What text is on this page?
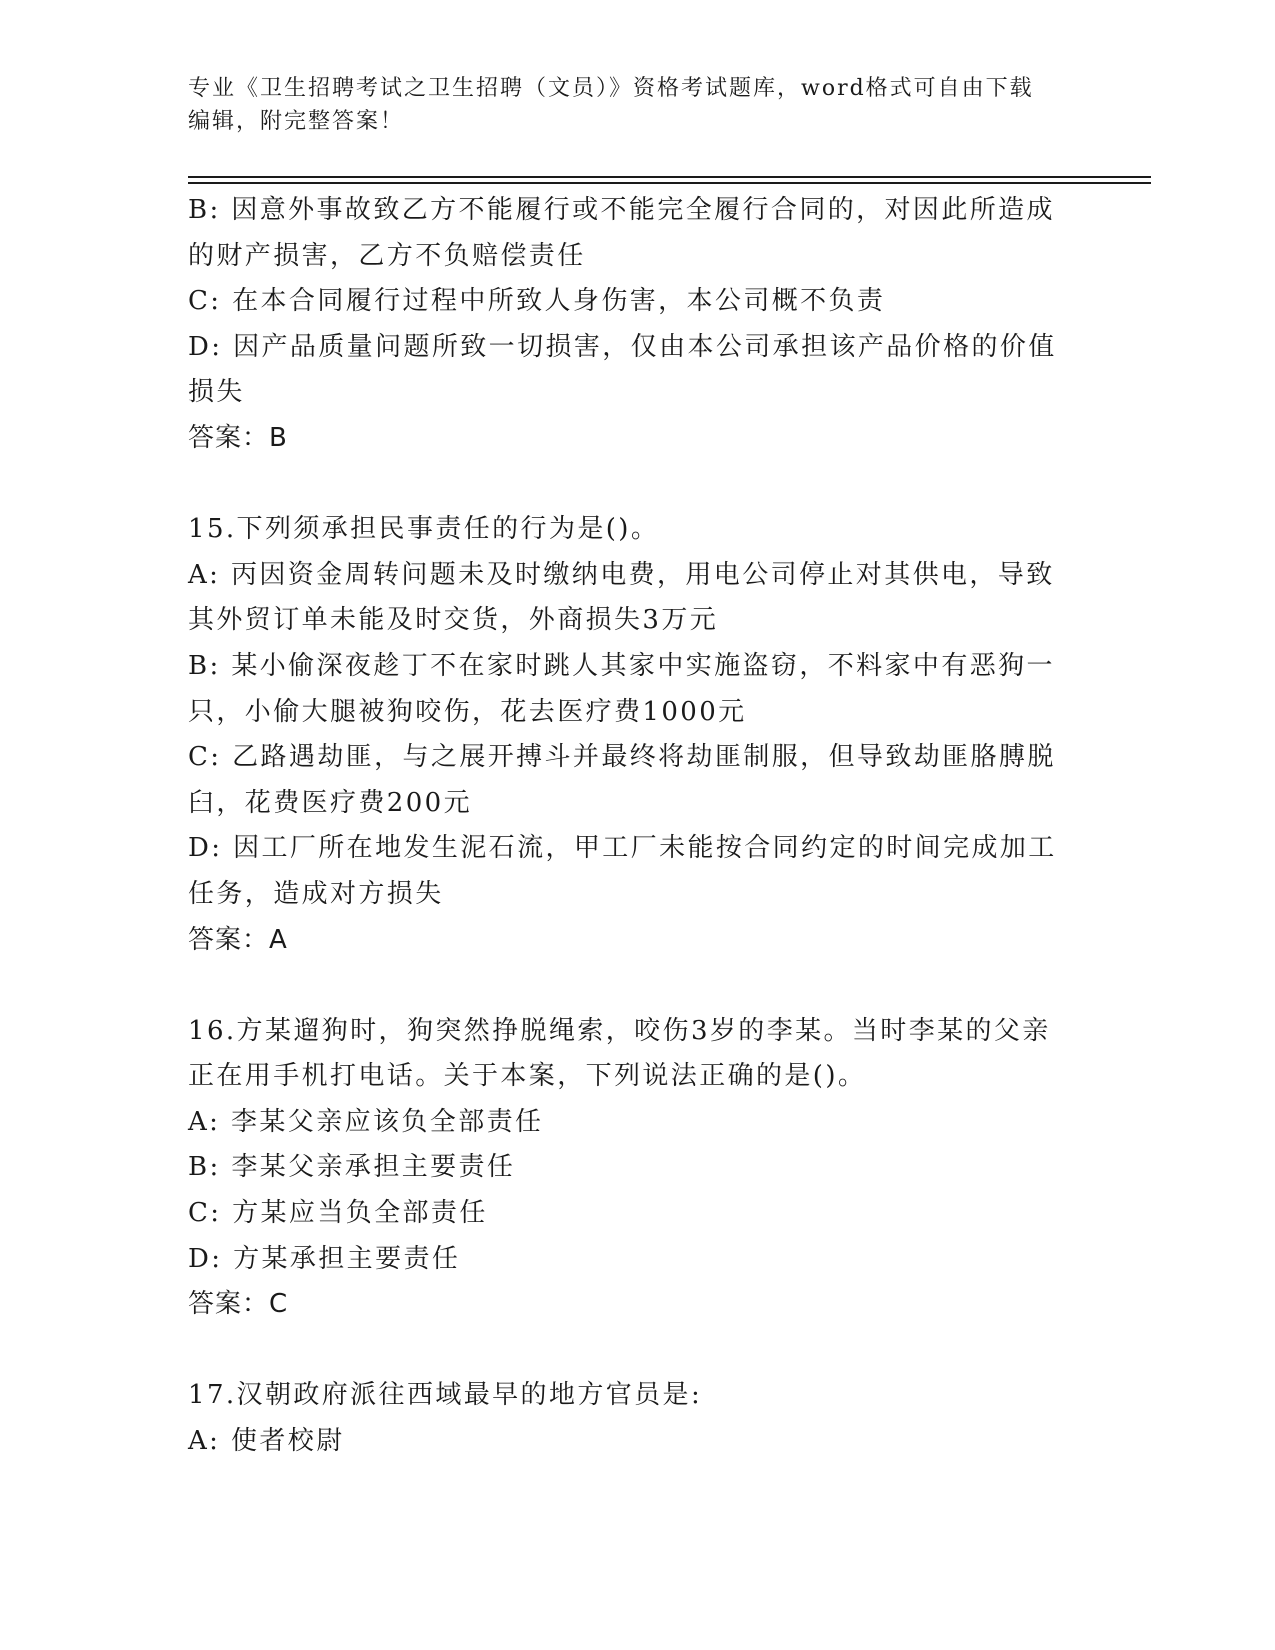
专业《卫生招聘考试之卫生招聘（文员）》资格考试题库，word格式可自由下载
编辑，附完整答案！
B: 因意外事故致乙方不能履行或不能完全履行合同的，对因此所造成
的财产损害，乙方不负赔偿责任
C: 在本合同履行过程中所致人身伤害，本公司概不负责
D: 因产品质量问题所致一切损害，仅由本公司承担该产品价格的价值
损失
答案：B
15.下列须承担民事责任的行为是()。
A: 丙因资金周转问题未及时缴纳电费，用电公司停止对其供电，导致
其外贸订单未能及时交货，外商损失3万元
B: 某小偷深夜趁丁不在家时跳人其家中实施盗窃，不料家中有恶狗一
只，小偷大腿被狗咬伤，花去医疗费1000元
C: 乙路遇劫匪，与之展开搏斗并最终将劫匪制服，但导致劫匪胳膊脱
臼，花费医疗费200元
D: 因工厂所在地发生泥石流，甲工厂未能按合同约定的时间完成加工
任务，造成对方损失
答案：A
16.方某遛狗时，狗突然挣脱绳索，咬伤3岁的李某。当时李某的父亲
正在用手机打电话。关于本案，下列说法正确的是()。
A: 李某父亲应该负全部责任
B: 李某父亲承担主要责任
C: 方某应当负全部责任
D: 方某承担主要责任
答案：C
17.汉朝政府派往西域最早的地方官员是:
A: 使者校尉
